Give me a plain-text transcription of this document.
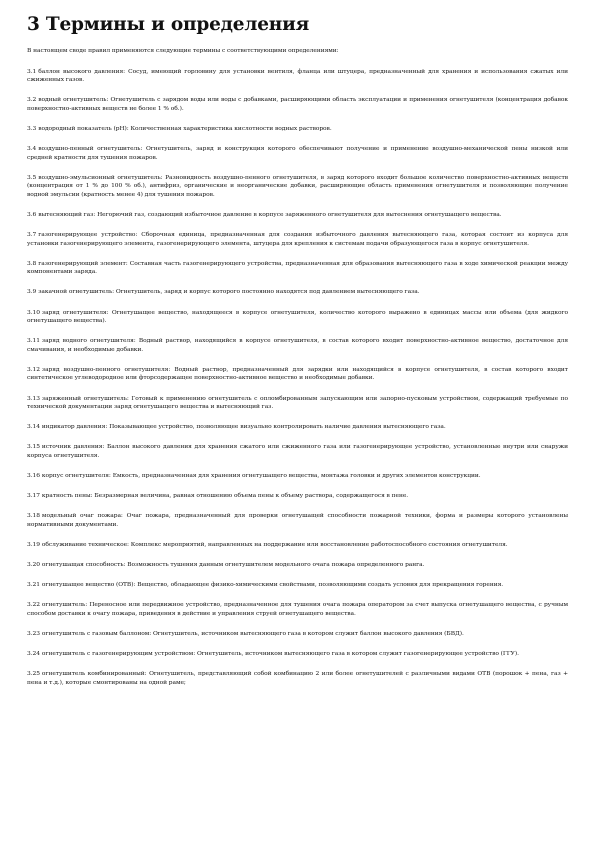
3 Термины и определения

В настоящем своде правил применяются следующие термины с соответствующими определениями:

3.1 баллон высокого давления: Сосуд, имеющий горловину для установки вентиля, фланца или штуцера, предназначенный для хранения и использования сжатых или сжиженных газов.

3.2 водный огнетушитель: Огнетушитель с зарядом воды или воды с добавками, расширяющими область эксплуатации и применения огнетушителя (концентрация добавок поверхностно-активных веществ не более 1 % об.).

3.3 водородный показатель (pH): Количественная характеристика кислотности водных растворов.

3.4 воздушно-пенный огнетушитель: Огнетушитель, заряд и конструкция которого обеспечивают получение и применение воздушно-механической пены низкой или средней кратности для тушения пожаров.

3.5 воздушно-эмульсионный огнетушитель: Разновидность воздушно-пенного огнетушителя, в заряд которого входит большое количество поверхностно-активных веществ (концентрация от 1 % до 100 % об.), антифриз, органические и неорганические добавки, расширяющие область применения огнетушителя и позволяющие получение водной эмульсии (кратность менее 4) для тушения пожаров.

3.6 вытесняющий газ: Негорючий газ, создающий избыточное давление в корпусе заряженного огнетушителя для вытеснения огнетушащего вещества.

3.7 газогенерирующее устройство: Сборочная единица, предназначенная для создания избыточного давления вытесняющего газа, которая состоит из корпуса для установки газогенерирующего элемента, газогенерирующего элемента, штуцера для крепления к системам подачи образующегося газа в корпус огнетушителя.

3.8 газогенерирующий элемент: Составная часть газогенерирующего устройства, предназначенная для образования вытесняющего газа в ходе химической реакции между компонентами заряда.

3.9 закачной огнетушитель: Огнетушитель, заряд и корпус которого постоянно находятся под давлением вытесняющего газа.

3.10 заряд огнетушителя: Огнетушащее вещество, находящееся в корпусе огнетушителя, количество которого выражено в единицах массы или объема (для жидкого огнетушащего вещества).

3.11 заряд водного огнетушителя: Водный раствор, находящийся в корпусе огнетушителя, в состав которого входит поверхностно-активное вещество, достаточное для смачивания, и необходимые добавки.

3.12 заряд воздушно-пенного огнетушителя: Водный раствор, предназначенный для зарядки или находящийся в корпусе огнетушителя, в состав которого входит синтетическое углеводородное или фторсодержащее поверхностно-активное вещество и необходимые добавки.

3.13 заряженный огнетушитель: Готовый к применению огнетушитель с опломбированным запускающим или запорно-пусковым устройством, содержащий требуемые по технической документации заряд огнетушащего вещества и вытесняющий газ.

3.14 индикатор давления: Показывающее устройство, позволяющее визуально контролировать наличие давления вытесняющего газа.

3.15 источник давления: Баллон высокого давления для хранения сжатого или сжиженного газа или газогенерирующее устройство, установленные внутри или снаружи корпуса огнетушителя.

3.16 корпус огнетушителя: Емкость, предназначенная для хранения огнетушащего вещества, монтажа головки и других элементов конструкции.

3.17 кратность пены: Безразмерная величина, равная отношению объема пены к объему раствора, содержащегося в пене.

3.18 модельный очаг пожара: Очаг пожара, предназначенный для проверки огнетушащей способности пожарной техники, форма и размеры которого установлены нормативными документами.

3.19 обслуживание техническое: Комплекс мероприятий, направленных на поддержание или восстановление работоспособного состояния огнетушителя.

3.20 огнетушащая способность: Возможность тушения данным огнетушителем модельного очага пожара определенного ранга.

3.21 огнетушащее вещество (ОТВ): Вещество, обладающее физико-химическими свойствами, позволяющими создать условия для прекращения горения.

3.22 огнетушитель: Переносное или передвижное устройство, предназначенное для тушения очага пожара оператором за счет выпуска огнетушащего вещества, с ручным способом доставки к очагу пожара, приведения в действие и управления струей огнетушащего вещества.

3.23 огнетушитель с газовым баллоном: Огнетушитель, источником вытесняющего газа в котором служит баллон высокого давления (БВД).

3.24 огнетушитель с газогенерирующим устройством: Огнетушитель, источником вытесняющего газа в котором служит газогенерирующее устройство (ГГУ).

3.25 огнетушитель комбинированный: Огнетушитель, представляющий собой комбинацию 2 или более огнетушителей с различными видами ОТВ (порошок + пена, газ + пена и т.д.), которые смонтированы на одной раме;
